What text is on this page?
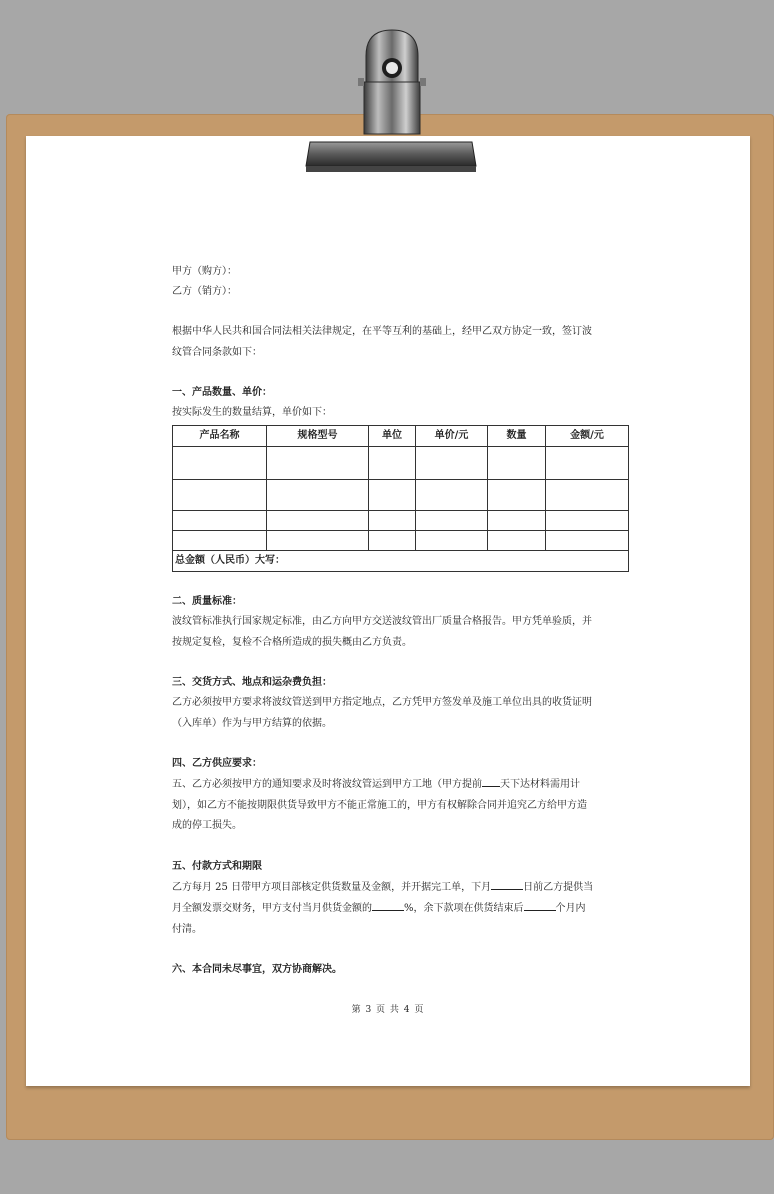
甲方（购方）：
乙方（销方）：
根据中华人民共和国合同法相关法律规定，在平等互利的基础上，经甲乙双方协定一致，签订波
纹管合同条款如下：
一、产品数量、单价：
按实际发生的数量结算，单价如下：
产品名称	规格型号	单位	单价/元	数量	金额/元

总金额（人民币）大写：					
二、质量标准：
波纹管标准执行国家规定标准，由乙方向甲方交送波纹管出厂质量合格报告。甲方凭单验质，并
按规定复检，复检不合格所造成的损失概由乙方负责。
三、交货方式、地点和运杂费负担：
乙方必须按甲方要求将波纹管送到甲方指定地点，乙方凭甲方签发单及施工单位出具的收货证明
（入库单）作为与甲方结算的依据。
四、乙方供应要求：
五、乙方必须按甲方的通知要求及时将波纹管运到甲方工地（甲方提前 天下达材料需用计
划），如乙方不能按期限供货导致甲方不能正常施工的，甲方有权解除合同并追究乙方给甲方造
成的停工损失。
五、付款方式和期限
乙方每月 25 日带甲方项目部核定供货数量及金额，并开据完工单，下月	日前乙方提供当
月全额发票交财务，甲方支付当月供货金额的	%，余下款项在供货结束后	个月内
付清。
六、本合同未尽事宜，双方协商解决。
第 3 页 共 4 页
